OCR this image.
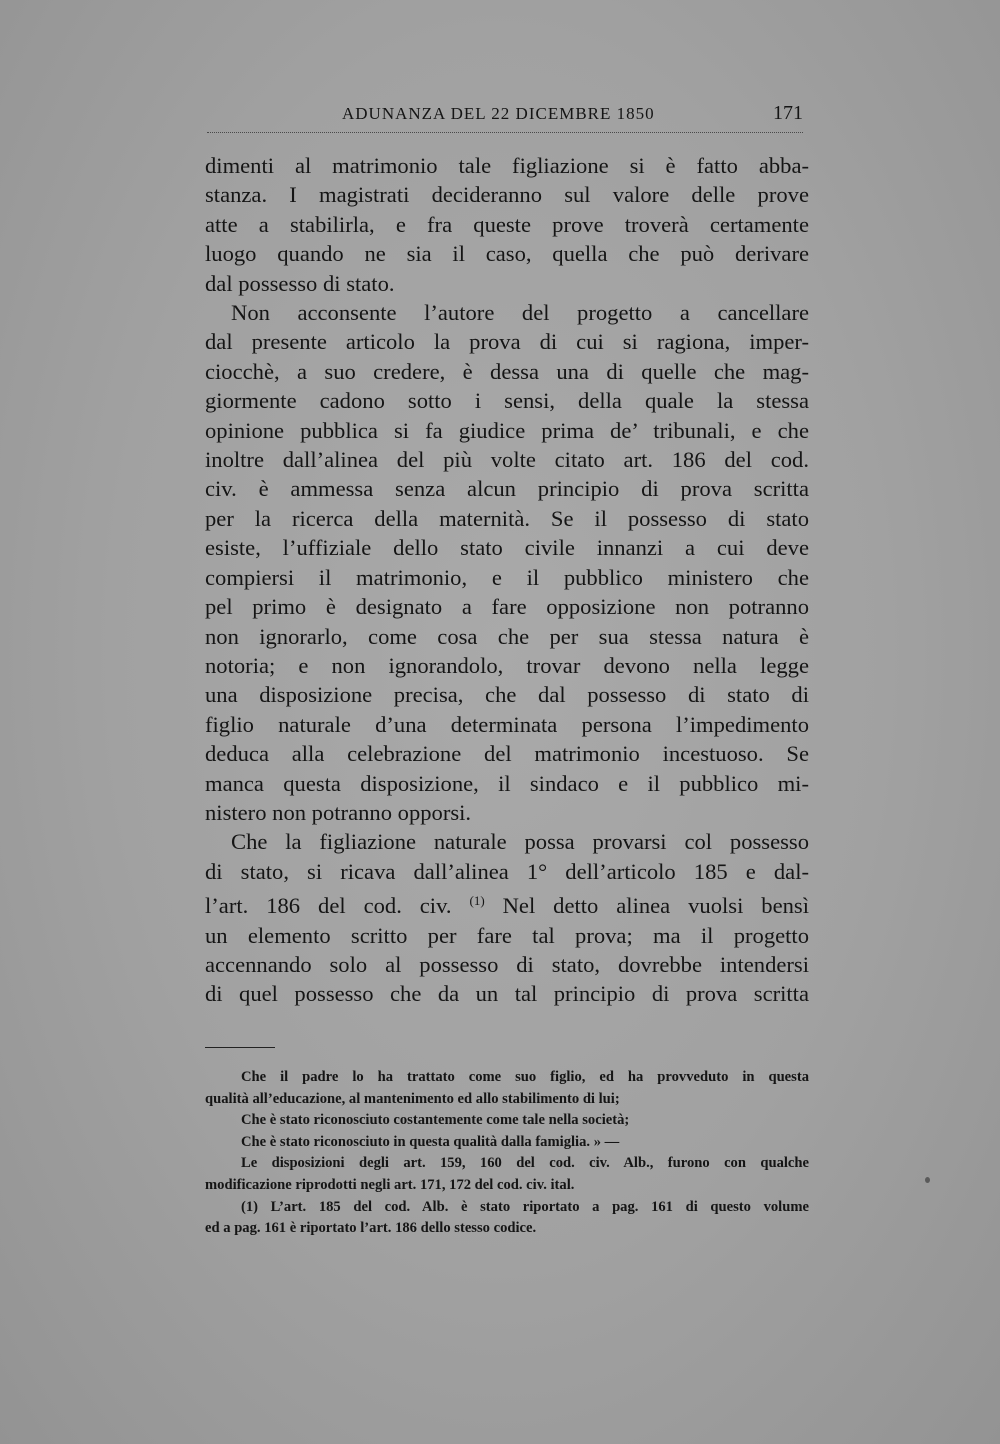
ADUNANZA DEL 22 DICEMBRE 1850	171
dimenti al matrimonio tale figliazione si è fatto abba-
stanza. I magistrati decideranno sul valore delle prove
atte a stabilirla, e fra queste prove troverà certamente
luogo quando ne sia il caso, quella che può derivare
dal possesso di stato.
Non acconsente l’autore del progetto a cancellare
dal presente articolo la prova di cui si ragiona, imper-
ciocchè, a suo credere, è dessa una di quelle che mag-
giormente cadono sotto i sensi, della quale la stessa
opinione pubblica si fa giudice prima de’ tribunali, e che
inoltre dall’alinea del più volte citato art. 186 del cod.
civ. è ammessa senza alcun principio di prova scritta
per la ricerca della maternità. Se il possesso di stato
esiste, l’uffiziale dello stato civile innanzi a cui deve
compiersi il matrimonio, e il pubblico ministero che
pel primo è designato a fare opposizione non potranno
non ignorarlo, come cosa che per sua stessa natura è
notoria; e non ignorandolo, trovar devono nella legge
una disposizione precisa, che dal possesso di stato di
figlio naturale d’una determinata persona l’impedimento
deduca alla celebrazione del matrimonio incestuoso. Se
manca questa disposizione, il sindaco e il pubblico mi-
nistero non potranno opporsi.
Che la figliazione naturale possa provarsi col possesso
di stato, si ricava dall’alinea 1° dell’articolo 185 e dal-
l’art. 186 del cod. civ. $^{(1)}$ Nel detto alinea vuolsi bensì
un elemento scritto per fare tal prova; ma il progetto
accennando solo al possesso di stato, dovrebbe intendersi
di quel possesso che da un tal principio di prova scritta
Che il padre lo ha trattato come suo figlio, ed ha provveduto in questa
qualità all’educazione, al mantenimento ed allo stabilimento di lui;
Che è stato riconosciuto costantemente come tale nella società;
Che è stato riconosciuto in questa qualità dalla famiglia. » —
Le disposizioni degli art. 159, 160 del cod. civ. Alb., furono con qualche
modificazione riprodotti negli art. 171, 172 del cod. civ. ital.
(1) L’art. 185 del cod. Alb. è stato riportato a pag. 161 di questo volume
ed a pag. 161 è riportato l’art. 186 dello stesso codice.
